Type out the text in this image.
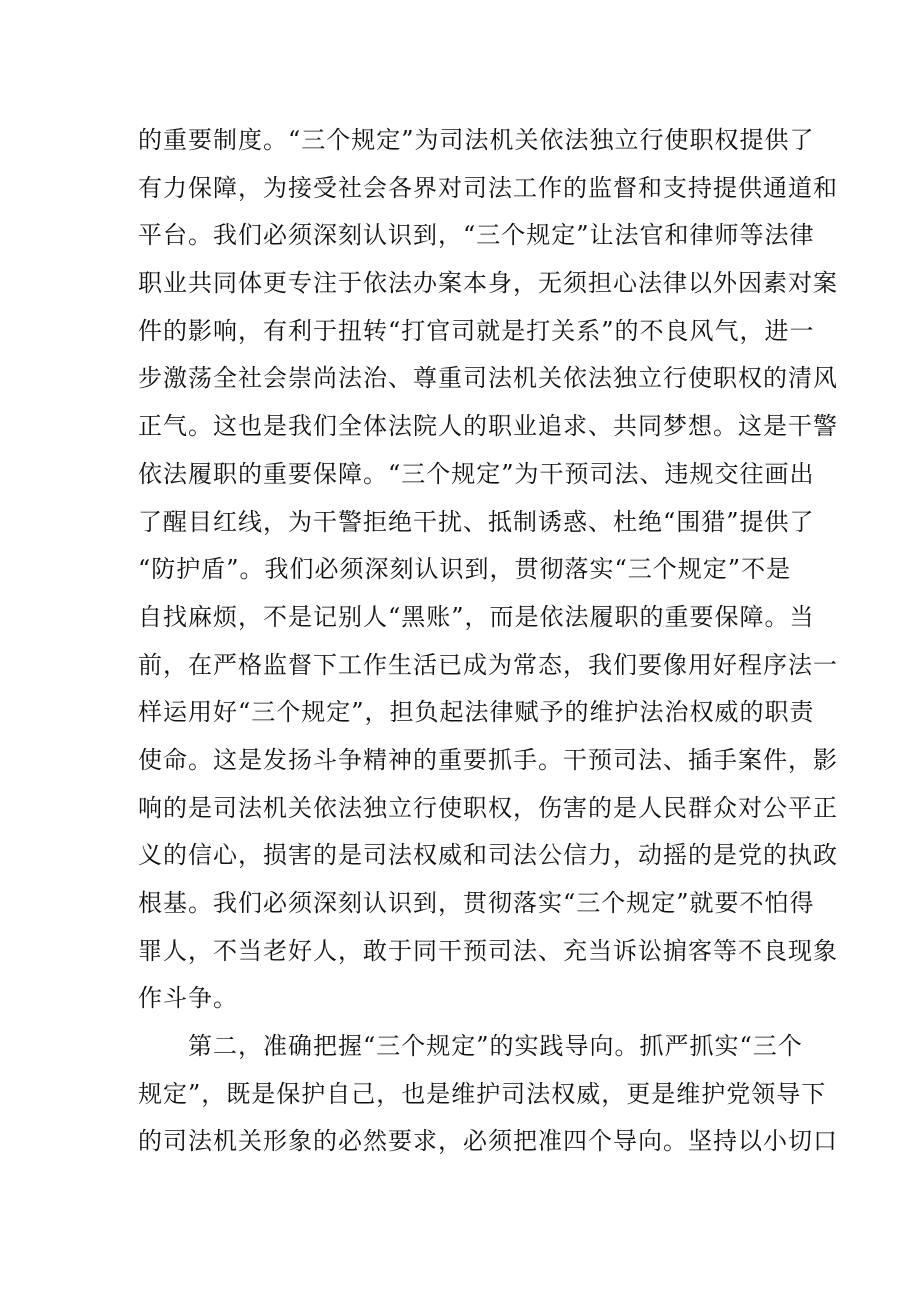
的重要制度。“三个规定”为司法机关依法独立行使职权提供了
有力保障，为接受社会各界对司法工作的监督和支持提供通道和
平台。我们必须深刻认识到，“三个规定”让法官和律师等法律
职业共同体更专注于依法办案本身，无须担心法律以外因素对案
件的影响，有利于扭转“打官司就是打关系”的不良风气，进一
步激荡全社会崇尚法治、尊重司法机关依法独立行使职权的清风
正气。这也是我们全体法院人的职业追求、共同梦想。这是干警
依法履职的重要保障。“三个规定”为干预司法、违规交往画出
了醒目红线，为干警拒绝干扰、抵制诱惑、杜绝“围猎”提供了
“防护盾”。我们必须深刻认识到，贯彻落实“三个规定”不是
自找麻烦，不是记别人“黑账”，而是依法履职的重要保障。当
前，在严格监督下工作生活已成为常态，我们要像用好程序法一
样运用好“三个规定”，担负起法律赋予的维护法治权威的职责
使命。这是发扬斗争精神的重要抓手。干预司法、插手案件，影
响的是司法机关依法独立行使职权，伤害的是人民群众对公平正
义的信心，损害的是司法权威和司法公信力，动摇的是党的执政
根基。我们必须深刻认识到，贯彻落实“三个规定”就要不怕得
罪人，不当老好人，敢于同干预司法、充当诉讼掮客等不良现象
作斗争。
　　第二，准确把握“三个规定”的实践导向。抓严抓实“三个
规定”，既是保护自己，也是维护司法权威，更是维护党领导下
的司法机关形象的必然要求，必须把准四个导向。坚持以小切口
